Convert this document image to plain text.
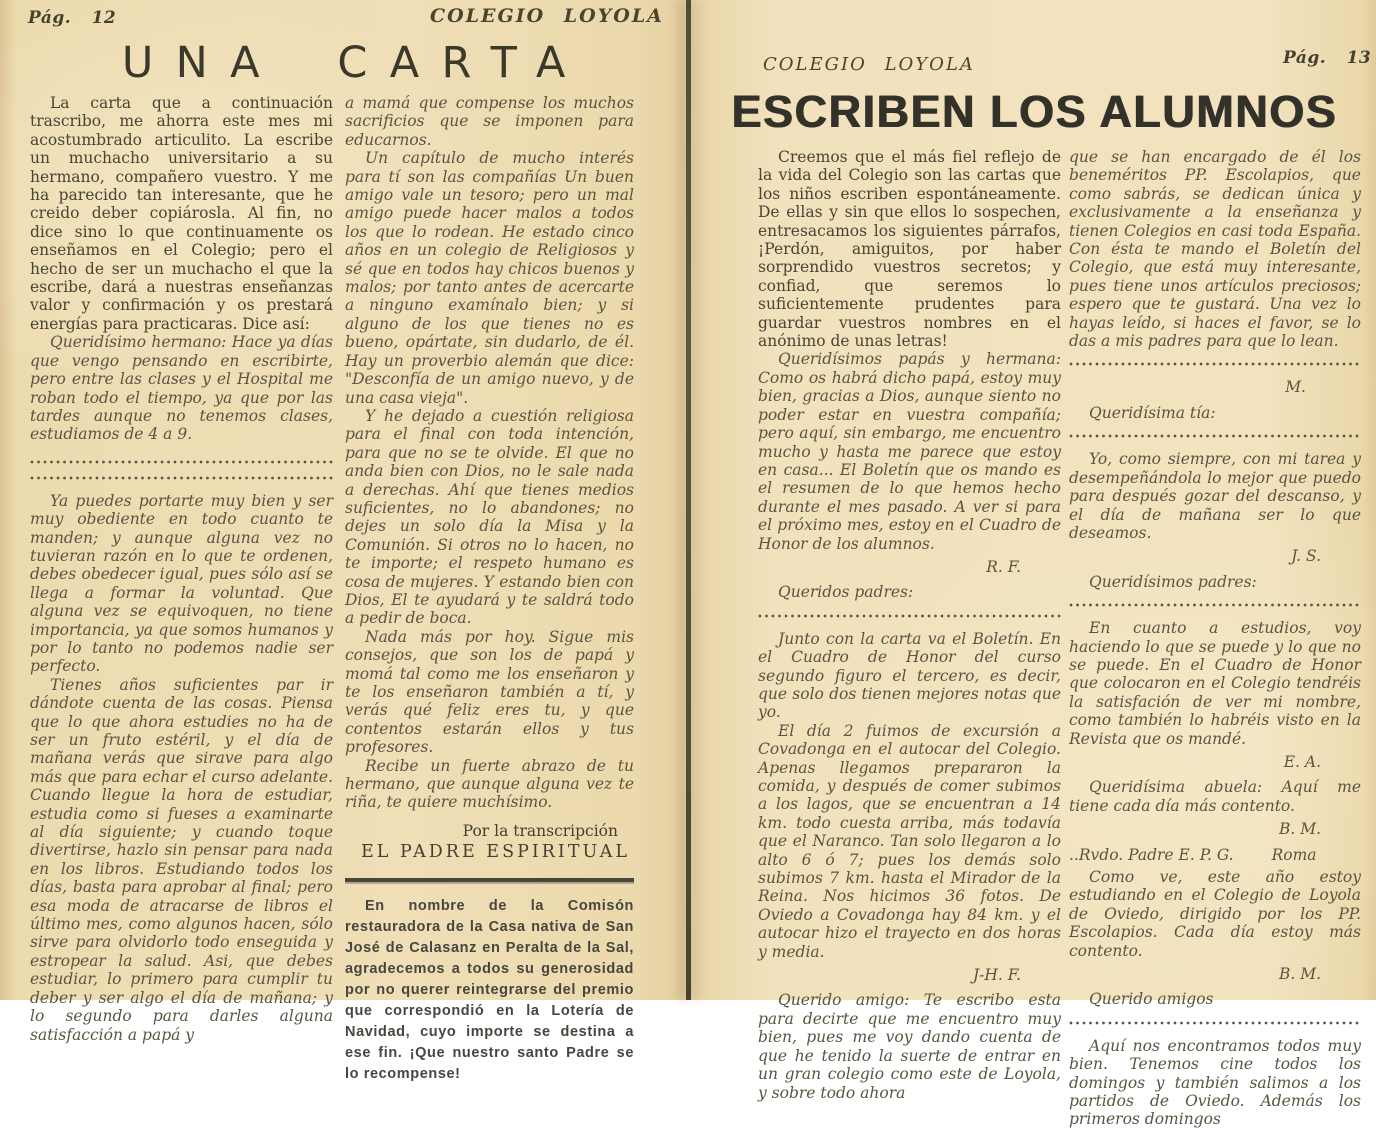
Pág. 12	COLEGIO LOYOLA
UNA CARTA

La carta que a continuación trascribo, me ahorra este mes mi acostumbrado articulito. La escribe un muchacho universitario a su hermano, compañero vuestro. Y me ha parecido tan interesante, que he creido deber copiárosla. Al fin, no dice sino lo que continuamente os enseñamos en el Colegio; pero el hecho de ser un muchacho el que la escribe, dará a nuestras enseñanzas valor y confirmación y os prestará energías para practicaras. Dice así:

Queridísimo hermano: Hace ya días que vengo pensando en escribirte, pero entre las clases y el Hospital me roban todo el tiempo, ya que por las tardes aunque no tenemos clases, estudiamos de 4 a 9.

Ya puedes portarte muy bien y ser muy obediente en todo cuanto te manden; y aunque alguna vez no tuvieran razón en lo que te ordenen, debes obedecer igual, pues sólo así se llega a formar la voluntad. Que alguna vez se equivoquen, no tiene importancia, ya que somos humanos y por lo tanto no podemos nadie ser perfecto.

Tienes años suficientes par ir dándote cuenta de las cosas. Piensa que lo que ahora estudies no ha de ser un fruto estéril, y el día de mañana verás que sirave para algo más que para echar el curso adelante. Cuando llegue la hora de estudiar, estudia como si fueses a examinarte al día siguiente; y cuando toque divertirse, hazlo sin pensar para nada en los libros. Estudiando todos los días, basta para aprobar al final; pero esa moda de atracarse de libros el último mes, como algunos hacen, sólo sirve para olvidorlo todo enseguida y estropear la salud. Asi, que debes estudiar, lo primero para cumplir tu deber y ser algo el día de mañana; y lo segundo para darles alguna satisfacción a papá y

a mamá que compense los muchos sacrificios que se imponen para educarnos.

Un capítulo de mucho interés para tí son las compañías Un buen amigo vale un tesoro; pero un mal amigo puede hacer malos a todos los que lo rodean. He estado cinco años en un colegio de Religiosos y sé que en todos hay chicos buenos y malos; por tanto antes de acercarte a ninguno examínalo bien; y si alguno de los que tienes no es bueno, opártate, sin dudarlo, de él. Hay un proverbio alemán que dice: "Desconfía de un amigo nuevo, y de una casa vieja".

Y he dejado a cuestión religiosa para el final con toda intención, para que no se te olvide. El que no anda bien con Dios, no le sale nada a derechas. Ahí que tienes medios suficientes, no lo abandones; no dejes un solo día la Misa y la Comunión. Si otros no lo hacen, no te importe; el respeto humano es cosa de mujeres. Y estando bien con Dios, El te ayudará y te saldrá todo a pedir de boca.

Nada más por hoy. Sigue mis consejos, que son los de papá y momá tal como me los enseñaron y te los enseñaron también a tí, y verás qué feliz eres tu, y que contentos estarán ellos y tus profesores.

Recibe un fuerte abrazo de tu hermano, que aunque alguna vez te riña, te quiere muchísimo.

Por la transcripción
EL PADRE ESPIRITUAL

En nombre de la Comisón restauradora de la Casa nativa de San José de Calasanz en Peralta de la Sal, agradecemos a todos su generosidad por no querer reintegrarse del premio que correspondió en la Lotería de Navidad, cuyo importe se destina a ese fin. ¡Que nuestro santo Padre se lo recompense!

COLEGIO LOYOLA	Pág. 13
ESCRIBEN LOS ALUMNOS

Creemos que el más fiel reflejo de la vida del Colegio son las cartas que los niños escriben espontáneamente. De ellas y sin que ellos lo sospechen, entresacamos los siguientes párrafos, ¡Perdón, amiguitos, por haber sorprendido vuestros secretos; y confiad, que seremos lo suficientemente prudentes para guardar vuestros nombres en el anónimo de unas letras!

Queridísimos papás y hermana: Como os habrá dicho papá, estoy muy bien, gracias a Dios, aunque siento no poder estar en vuestra compañía; pero aquí, sin embargo, me encuentro mucho y hasta me parece que estoy en casa... El Boletín que os mando es el resumen de lo que hemos hecho durante el mes pasado. A ver si para el próximo mes, estoy en el Cuadro de Honor de los alumnos.

R. F.

Queridos padres:

Junto con la carta va el Boletín. En el Cuadro de Honor del curso segundo figuro el tercero, es decir, que solo dos tienen mejores notas que yo.

El día 2 fuimos de excursión a Covadonga en el autocar del Colegio. Apenas llegamos prepararon la comida, y después de comer subimos a los lagos, que se encuentran a 14 km. todo cuesta arriba, más todavía que el Naranco. Tan solo llegaron a lo alto 6 ó 7; pues los demás solo subimos 7 km. hasta el Mirador de la Reina. Nos hicimos 36 fotos. De Oviedo a Covadonga hay 84 km. y el autocar hizo el trayecto en dos horas y media.

J-H. F.

Querido amigo: Te escribo esta para decirte que me encuentro muy bien, pues me voy dando cuenta de que he tenido la suerte de entrar en un gran colegio como este de Loyola, y sobre todo ahora

que se han encargado de él los beneméritos PP. Escolapios, que como sabrás, se dedican única y exclusivamente a la enseñanza y tienen Colegios en casi toda España. Con ésta te mando el Boletín del Colegio, que está muy interesante, pues tiene unos artículos preciosos; espero que te gustará. Una vez lo hayas leído, si haces el favor, se lo das a mis padres para que lo lean.

M.

Queridísima tía:

Yo, como siempre, con mi tarea y desempeñándola lo mejor que puedo para después gozar del descanso, y el día de mañana ser lo que deseamos.

J. S.

Queridísimos padres:

En cuanto a estudios, voy haciendo lo que se puede y lo que no se puede. En el Cuadro de Honor que colocaron en el Colegio tendréis la satisfación de ver mi nombre, como también lo habréis visto en la Revista que os mandé.

E. A.

Queridísima abuela: Aquí me tiene cada día más contento.

B. M.
..Rvdo. Padre E. P. G. Roma

Como ve, este año estoy estudiando en el Colegio de Loyola de Oviedo, dirigido por los PP. Escolapios. Cada día estoy más contento.

B. M.

Querido amigos

Aquí nos encontramos todos muy bien. Tenemos cine todos los domingos y también salimos a los partidos de Oviedo. Además los primeros domingos
